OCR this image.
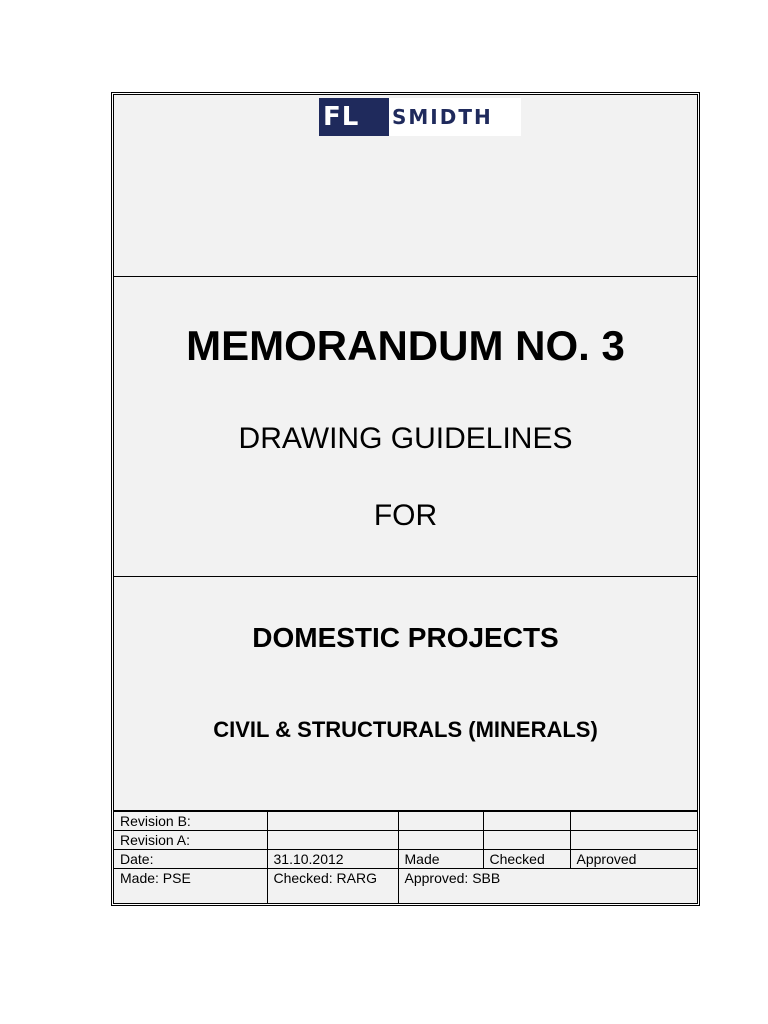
FL	SMIDTH
MEMORANDUM NO. 3
DRAWING GUIDELINES
FOR
DOMESTIC PROJECTS
CIVIL & STRUCTURALS (MINERALS)
Revision B:				
Revision A:				
Date:	31.10.2012	Made	Checked	Approved
Made: PSE	Checked: RARG	Approved: SBB		
